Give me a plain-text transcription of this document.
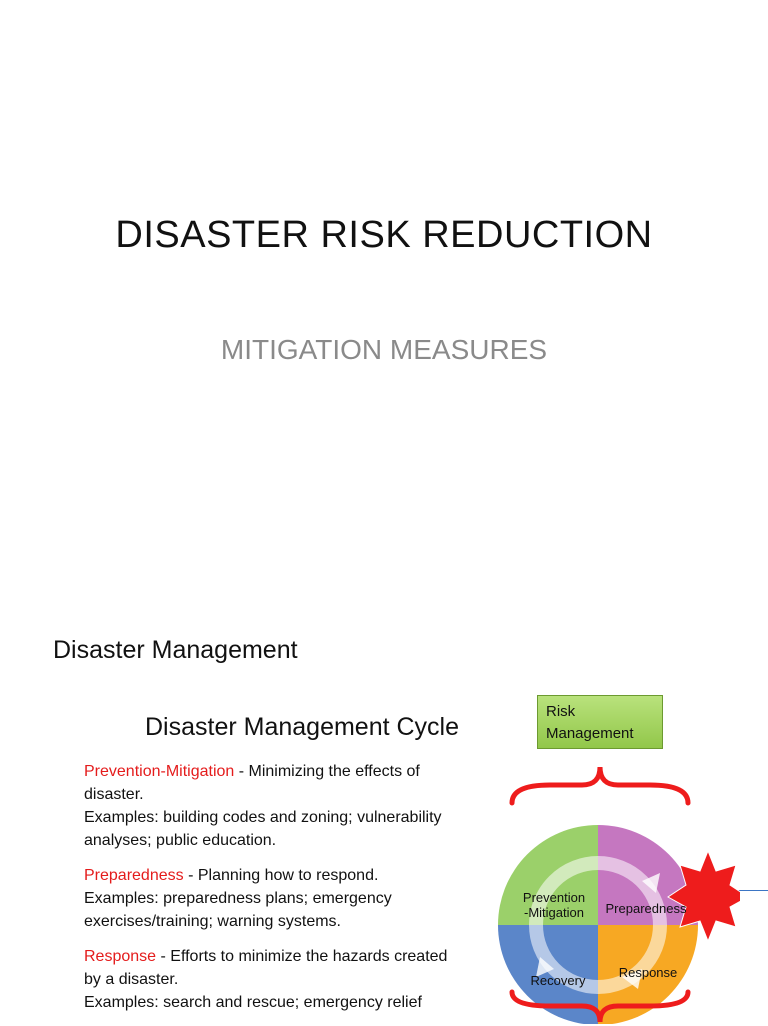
DISASTER RISK REDUCTION
MITIGATION MEASURES
Disaster Management
Disaster Management Cycle
Prevention-Mitigation - Minimizing the effects of disaster.
Examples: building codes and zoning; vulnerability analyses; public education.
Preparedness - Planning how to respond.
Examples: preparedness plans; emergency exercises/training; warning systems.
Response - Efforts to minimize the hazards created by a disaster.
Examples: search and rescue; emergency relief
Risk
Management
Prevention
-Mitigation Preparedness
Response
Recovery
